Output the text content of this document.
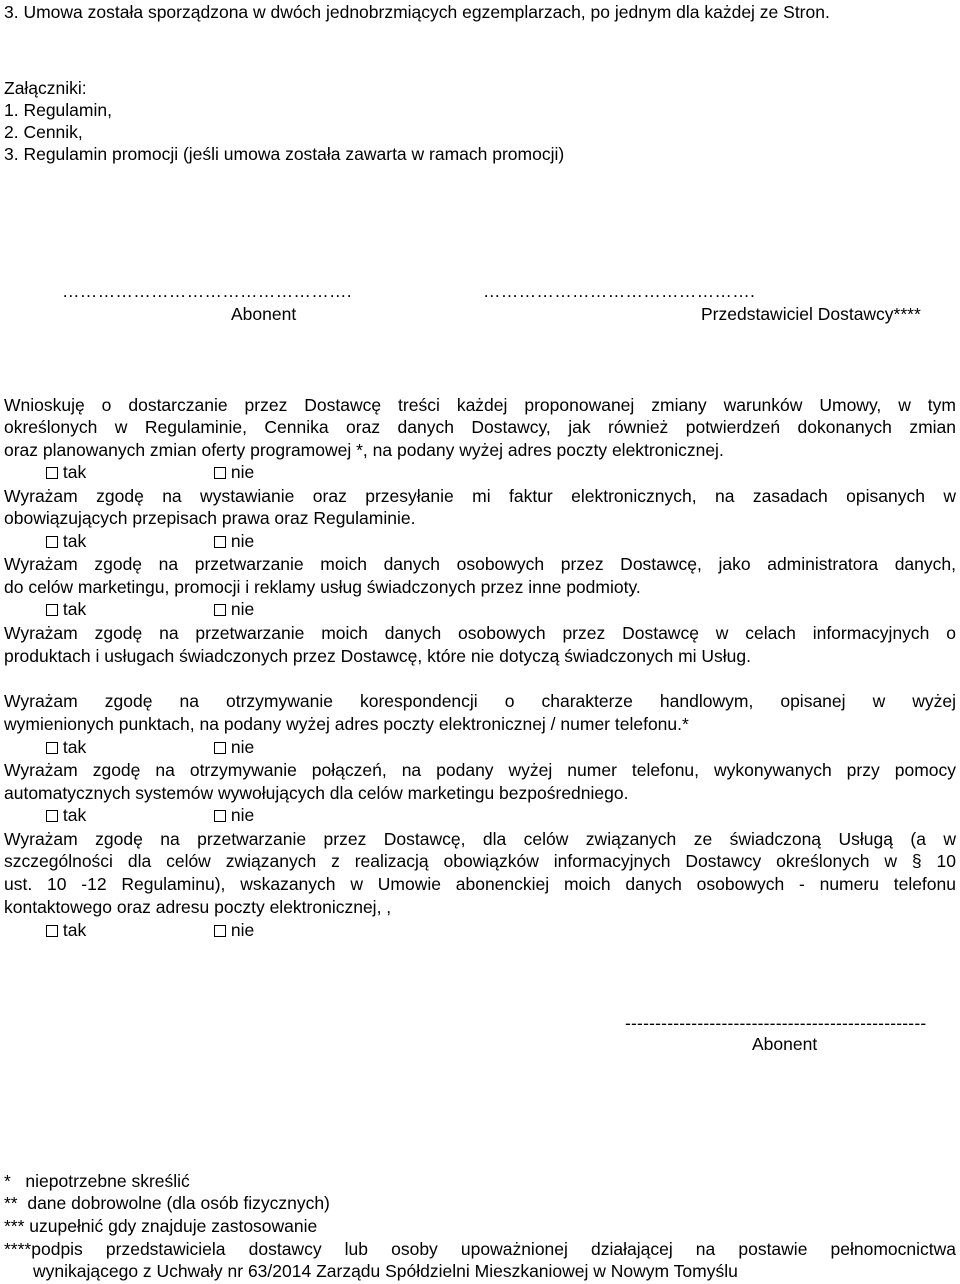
3. Umowa została sporządzona w dwóch jednobrzmiących egzemplarzach, po jednym dla każdej ze Stron.
Załączniki:
1. Regulamin,
2. Cennik,
3. Regulamin promocji (jeśli umowa została zawarta w ramach promocji)
………………………………………….	……………………………………….
Abonent	Przedstawiciel Dostawcy****
Wnioskuję o dostarczanie przez Dostawcę treści każdej proponowanej zmiany warunków Umowy, w tym
określonych w Regulaminie, Cennika oraz danych Dostawcy, jak również potwierdzeń dokonanych zmian
oraz planowanych zmian oferty programowej *, na podany wyżej adres poczty elektronicznej.
tak	nie
Wyrażam zgodę na wystawianie oraz przesyłanie mi faktur elektronicznych, na zasadach opisanych w
obowiązujących przepisach prawa oraz Regulaminie.
tak	nie
Wyrażam zgodę na przetwarzanie moich danych osobowych przez Dostawcę, jako administratora danych,
do celów marketingu, promocji i reklamy usług świadczonych przez inne podmioty.
tak	nie
Wyrażam zgodę na przetwarzanie moich danych osobowych przez Dostawcę w celach informacyjnych o
produktach i usługach świadczonych przez Dostawcę, które nie dotyczą świadczonych mi Usług.
Wyrażam zgodę na otrzymywanie korespondencji o charakterze handlowym, opisanej w wyżej
wymienionych punktach, na podany wyżej adres poczty elektronicznej / numer telefonu.*
tak	nie
Wyrażam zgodę na otrzymywanie połączeń, na podany wyżej numer telefonu, wykonywanych przy pomocy
automatycznych systemów wywołujących dla celów marketingu bezpośredniego.
tak	nie
Wyrażam zgodę na przetwarzanie przez Dostawcę, dla celów związanych ze świadczoną Usługą (a w
szczególności dla celów związanych z realizacją obowiązków informacyjnych Dostawcy określonych w § 10
ust. 10 -12 Regulaminu), wskazanych w Umowie abonenckiej moich danych osobowych - numeru telefonu
kontaktowego oraz adresu poczty elektronicznej, ,
tak	nie
--------------------------------------------------
Abonent
*   niepotrzebne skreślić
**  dane dobrowolne (dla osób fizycznych)
*** uzupełnić gdy znajduje zastosowanie
****podpis przedstawiciela dostawcy lub osoby upoważnionej działającej na postawie pełnomocnictwa
wynikającego z Uchwały nr 63/2014 Zarządu Spółdzielni Mieszkaniowej w Nowym Tomyślu
